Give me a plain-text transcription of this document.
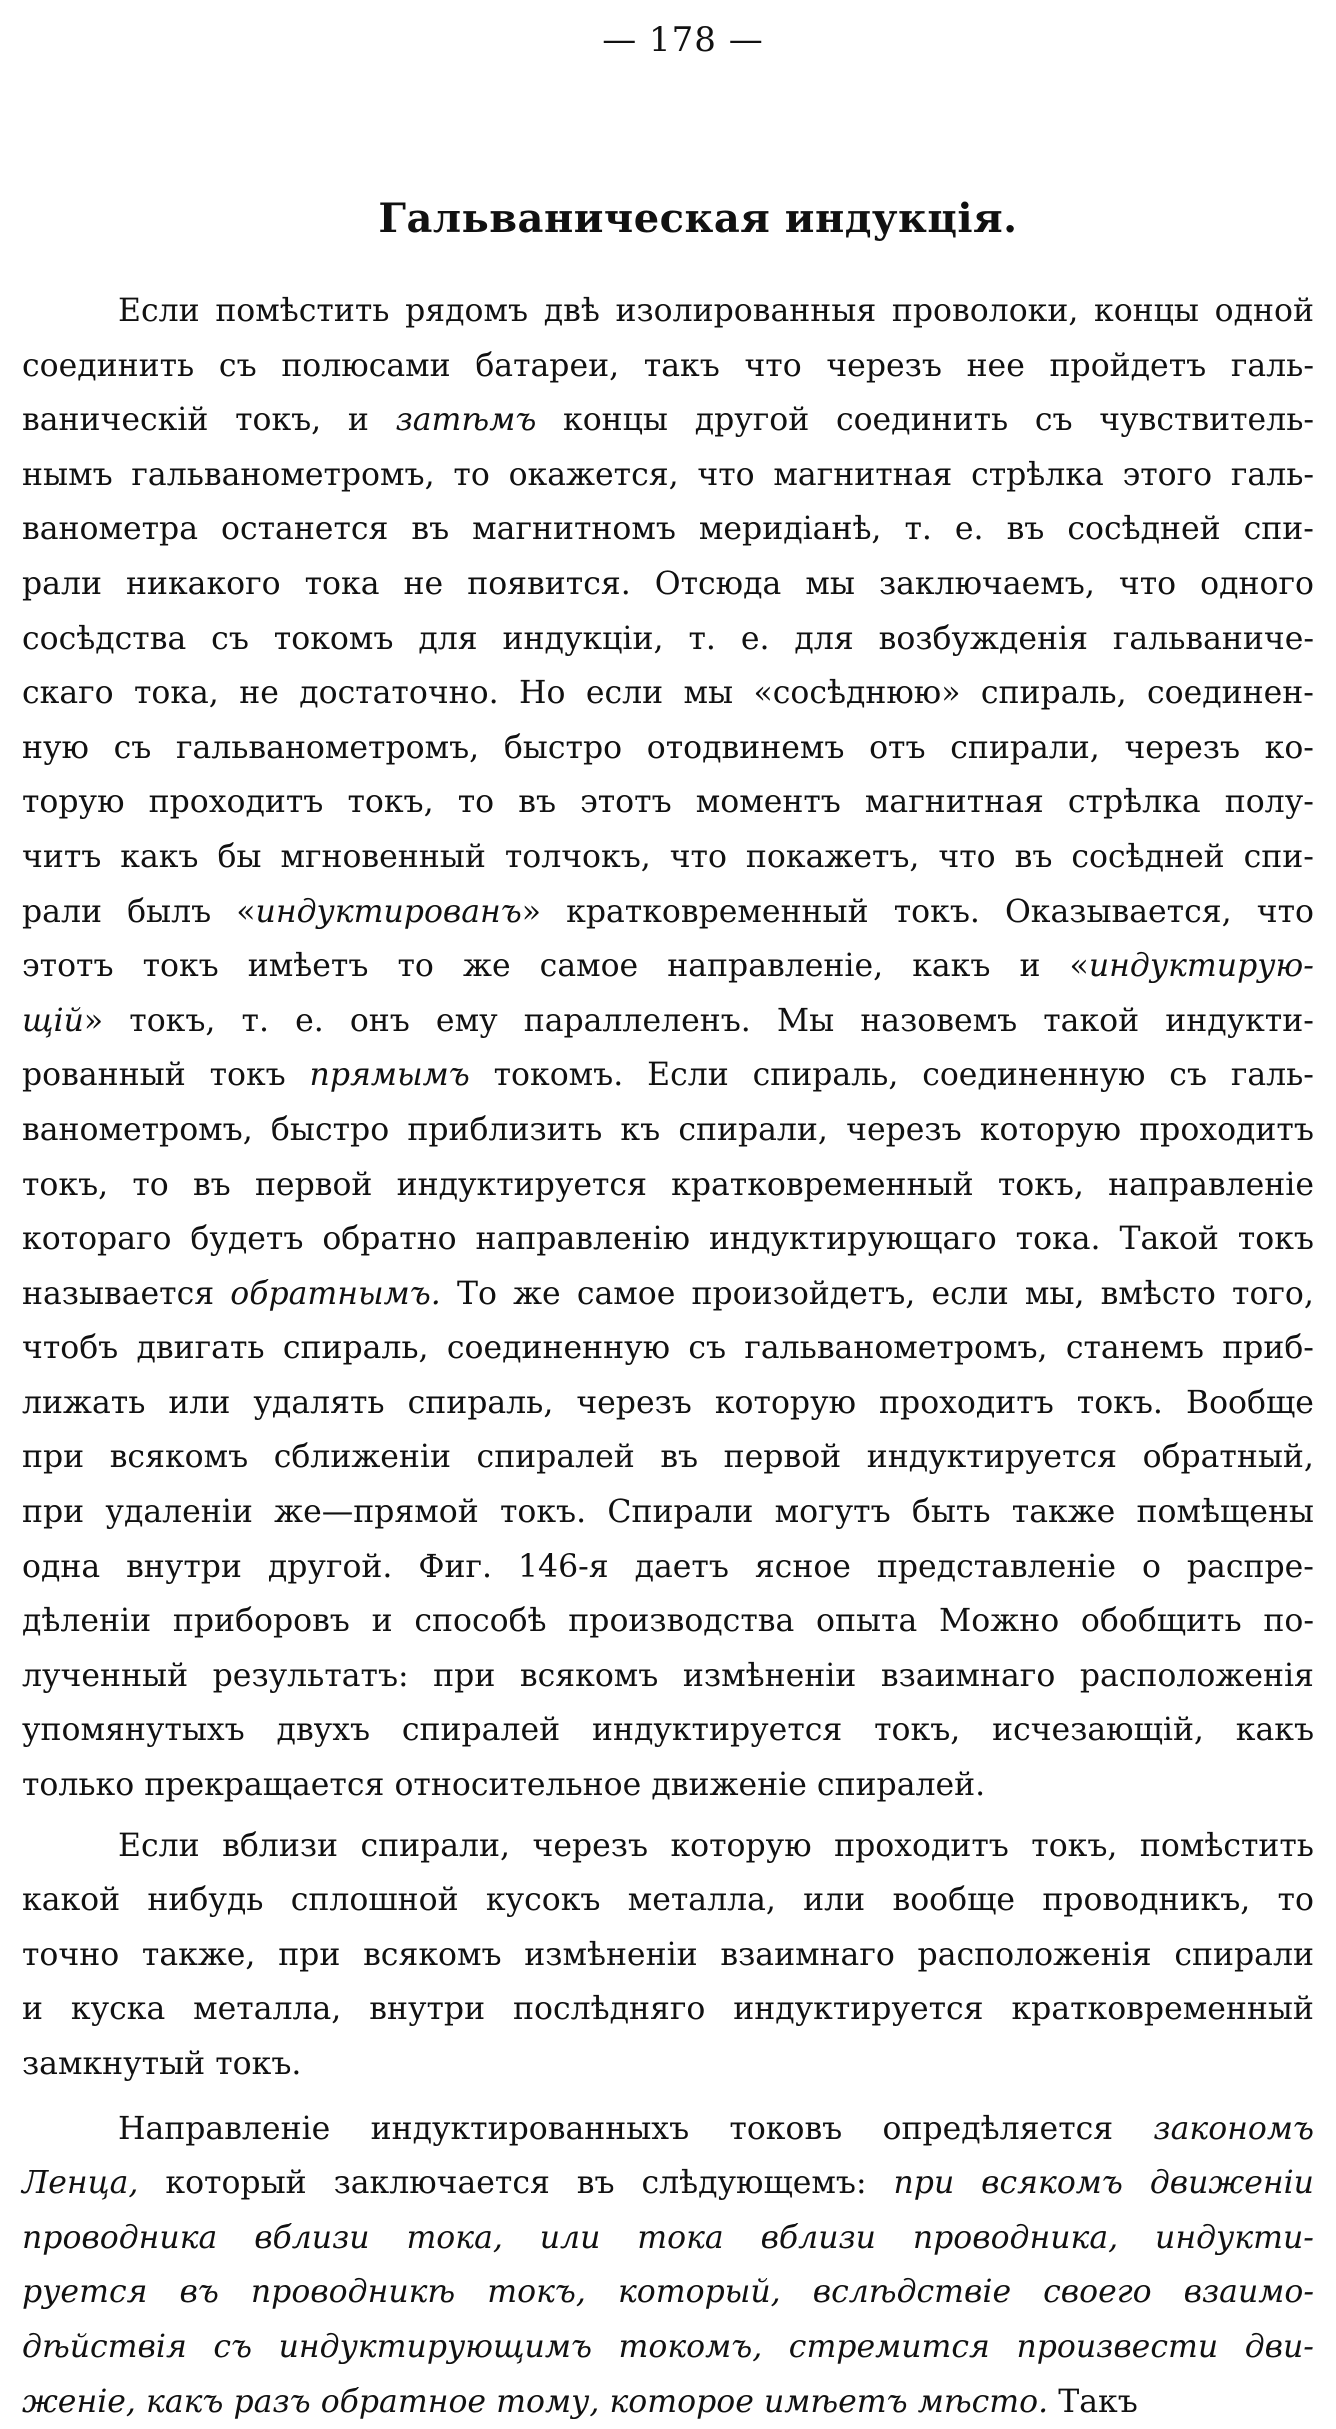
— 178 —
Гальваническая индукція.
Если помѣстить рядомъ двѣ изолированныя проволоки, концы одной
соединить съ полюсами батареи, такъ что черезъ нее пройдетъ галь-
ваническій токъ, и затѣмъ концы другой соединить съ чувствитель-
нымъ гальванометромъ, то окажется, что магнитная стрѣлка этого галь-
ванометра останется въ магнитномъ меридіанѣ, т. е. въ сосѣдней спи-
рали никакого тока не появится. Отсюда мы заключаемъ, что одного
сосѣдства съ токомъ для индукціи, т. е. для возбужденія гальваниче-
скаго тока, не достаточно. Но если мы «сосѣднюю» спираль, соединен-
ную съ гальванометромъ, быстро отодвинемъ отъ спирали, черезъ ко-
торую проходитъ токъ, то въ этотъ моментъ магнитная стрѣлка полу-
читъ какъ бы мгновенный толчокъ, что покажетъ, что въ сосѣдней спи-
рали былъ «индуктированъ» кратковременный токъ. Оказывается, что
этотъ токъ имѣетъ то же самое направленіе, какъ и «индуктирую-
щій» токъ, т. е. онъ ему параллеленъ. Мы назовемъ такой индукти-
рованный токъ прямымъ токомъ. Если спираль, соединенную съ галь-
ванометромъ, быстро приблизить къ спирали, черезъ которую проходитъ
токъ, то въ первой индуктируется кратковременный токъ, направленіе
котораго будетъ обратно направленію индуктирующаго тока. Такой токъ
называется обратнымъ. То же самое произойдетъ, если мы, вмѣсто того,
чтобъ двигать спираль, соединенную съ гальванометромъ, станемъ приб-
лижать или удалять спираль, черезъ которую проходитъ токъ. Вообще
при всякомъ сближеніи спиралей въ первой индуктируется обратный,
при удаленіи же—прямой токъ. Спирали могутъ быть также помѣщены
одна внутри другой. Фиг. 146-я даетъ ясное представленіе о распре-
дѣленіи приборовъ и способѣ производства опыта Можно обобщить по-
лученный результатъ: при всякомъ измѣненіи взаимнаго расположенія
упомянутыхъ двухъ спиралей индуктируется токъ, исчезающій, какъ
только прекращается относительное движеніе спиралей.
Если вблизи спирали, черезъ которую проходитъ токъ, помѣстить
какой нибудь сплошной кусокъ металла, или вообще проводникъ, то
точно также, при всякомъ измѣненіи взаимнаго расположенія спирали
и куска металла, внутри послѣдняго индуктируется кратковременный
замкнутый токъ.
Направленіе индуктированныхъ токовъ опредѣляется закономъ
Ленца, который заключается въ слѣдующемъ: при всякомъ движеніи
проводника вблизи тока, или тока вблизи проводника, индукти-
руется въ проводникѣ токъ, который, вслѣдствіе своего взаимо-
дѣйствія съ индуктирующимъ токомъ, стремится произвести дви-
женіе, какъ разъ обратное тому, которое имѣетъ мѣсто. Такъ
